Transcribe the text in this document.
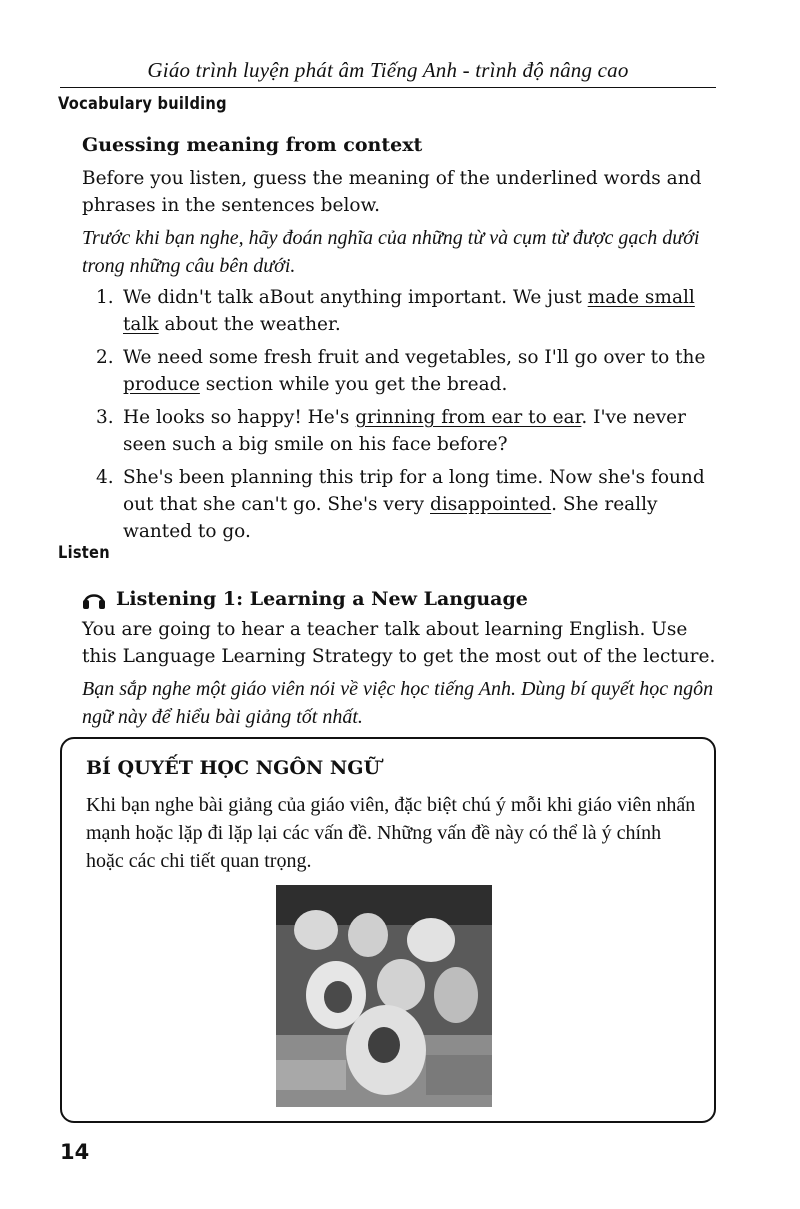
Giáo trình luyện phát âm Tiếng Anh - trình độ nâng cao
Vocabulary building
Guessing meaning from context
Before you listen, guess the meaning of the underlined words and phrases in the sentences below.
Trước khi bạn nghe, hãy đoán nghĩa của những từ và cụm từ được gạch dưới trong những câu bên dưới.
1. We didn't talk aBout anything important. We just made small talk about the weather.
2. We need some fresh fruit and vegetables, so I'll go over to the produce section while you get the bread.
3. He looks so happy! He's grinning from ear to ear. I've never seen such a big smile on his face before?
4. She's been planning this trip for a long time. Now she's found out that she can't go. She's very disappointed. She really wanted to go.
Listen
Listening 1: Learning a New Language
You are going to hear a teacher talk about learning English. Use this Language Learning Strategy to get the most out of the lecture.
Bạn sắp nghe một giáo viên nói về việc học tiếng Anh. Dùng bí quyết học ngôn ngữ này để hiểu bài giảng tốt nhất.
BÍ QUYẾT HỌC NGÔN NGỮ
Khi bạn nghe bài giảng của giáo viên, đặc biệt chú ý mỗi khi giáo viên nhấn mạnh hoặc lặp đi lặp lại các vấn đề. Những vấn đề này có thể là ý chính hoặc các chi tiết quan trọng.
14
